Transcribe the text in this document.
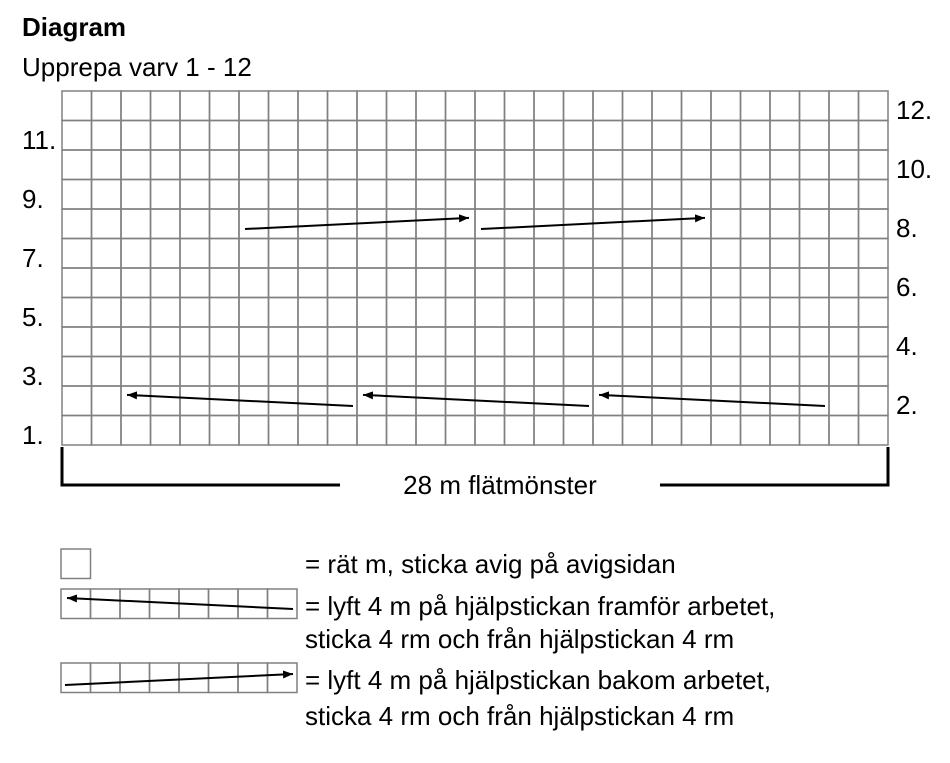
Diagram
Upprepa varv 1 - 12
11.
9.
7.
5.
3.
1.
12.
10.
8.
6.
4.
2.
28 m flätmönster
= rät m, sticka avig på avigsidan
= lyft 4 m på hjälpstickan framför arbetet,
sticka 4 rm och från hjälpstickan 4 rm
= lyft 4 m på hjälpstickan bakom arbetet,
sticka 4 rm och från hjälpstickan 4 rm
